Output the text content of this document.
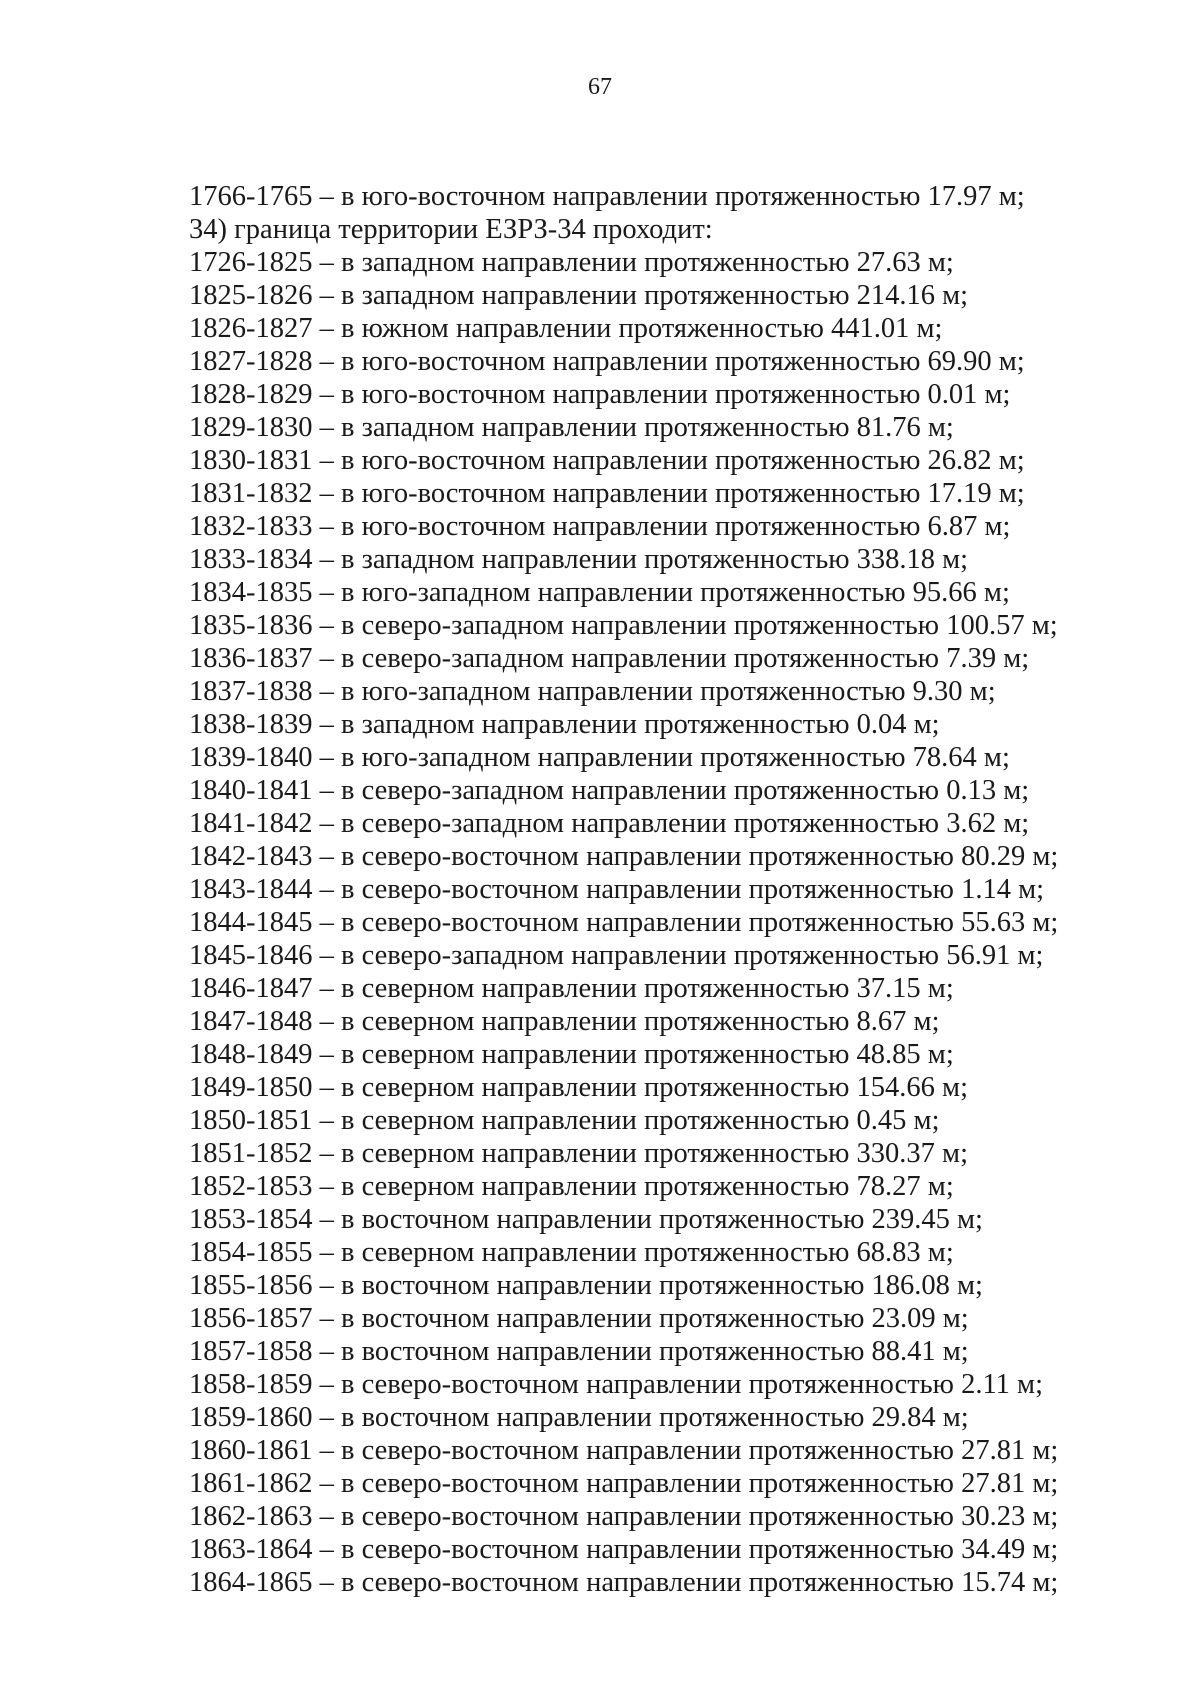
67
1766-1765 – в юго-восточном направлении протяженностью 17.97 м;
34) граница территории ЕЗРЗ-34 проходит:
1726-1825 – в западном направлении протяженностью 27.63 м;
1825-1826 – в западном направлении протяженностью 214.16 м;
1826-1827 – в южном направлении протяженностью 441.01 м;
1827-1828 – в юго-восточном направлении протяженностью 69.90 м;
1828-1829 – в юго-восточном направлении протяженностью 0.01 м;
1829-1830 – в западном направлении протяженностью 81.76 м;
1830-1831 – в юго-восточном направлении протяженностью 26.82 м;
1831-1832 – в юго-восточном направлении протяженностью 17.19 м;
1832-1833 – в юго-восточном направлении протяженностью 6.87 м;
1833-1834 – в западном направлении протяженностью 338.18 м;
1834-1835 – в юго-западном направлении протяженностью 95.66 м;
1835-1836 – в северо-западном направлении протяженностью 100.57 м;
1836-1837 – в северо-западном направлении протяженностью 7.39 м;
1837-1838 – в юго-западном направлении протяженностью 9.30 м;
1838-1839 – в западном направлении протяженностью 0.04 м;
1839-1840 – в юго-западном направлении протяженностью 78.64 м;
1840-1841 – в северо-западном направлении протяженностью 0.13 м;
1841-1842 – в северо-западном направлении протяженностью 3.62 м;
1842-1843 – в северо-восточном направлении протяженностью 80.29 м;
1843-1844 – в северо-восточном направлении протяженностью 1.14 м;
1844-1845 – в северо-восточном направлении протяженностью 55.63 м;
1845-1846 – в северо-западном направлении протяженностью 56.91 м;
1846-1847 – в северном направлении протяженностью 37.15 м;
1847-1848 – в северном направлении протяженностью 8.67 м;
1848-1849 – в северном направлении протяженностью 48.85 м;
1849-1850 – в северном направлении протяженностью 154.66 м;
1850-1851 – в северном направлении протяженностью 0.45 м;
1851-1852 – в северном направлении протяженностью 330.37 м;
1852-1853 – в северном направлении протяженностью 78.27 м;
1853-1854 – в восточном направлении протяженностью 239.45 м;
1854-1855 – в северном направлении протяженностью 68.83 м;
1855-1856 – в восточном направлении протяженностью 186.08 м;
1856-1857 – в восточном направлении протяженностью 23.09 м;
1857-1858 – в восточном направлении протяженностью 88.41 м;
1858-1859 – в северо-восточном направлении протяженностью 2.11 м;
1859-1860 – в восточном направлении протяженностью 29.84 м;
1860-1861 – в северо-восточном направлении протяженностью 27.81 м;
1861-1862 – в северо-восточном направлении протяженностью 27.81 м;
1862-1863 – в северо-восточном направлении протяженностью 30.23 м;
1863-1864 – в северо-восточном направлении протяженностью 34.49 м;
1864-1865 – в северо-восточном направлении протяженностью 15.74 м;
